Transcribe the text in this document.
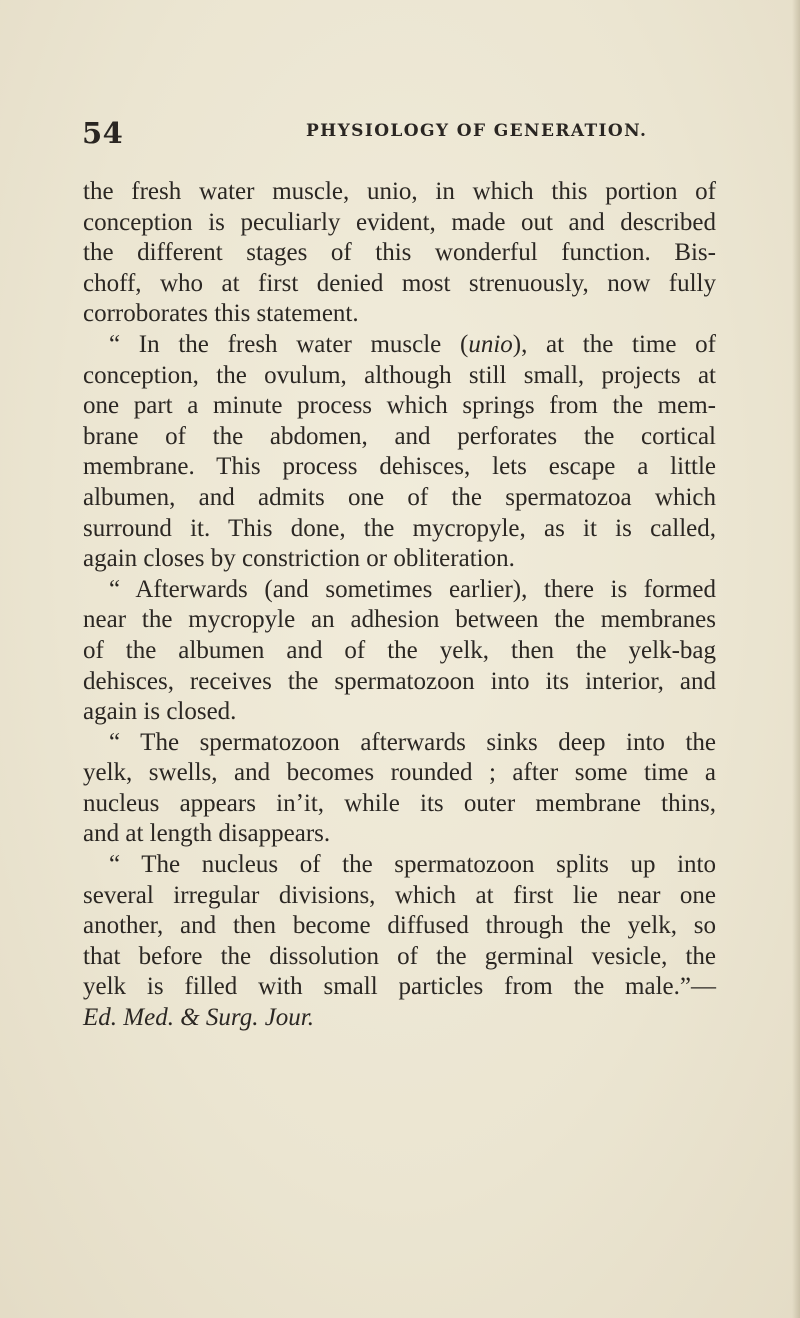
54	PHYSIOLOGY OF GENERATION.
the fresh water muscle, unio, in which this portion of
conception is peculiarly evident, made out and described
the different stages of this wonderful function. Bis-
choff, who at first denied most strenuously, now fully
corroborates this statement.
“ In the fresh water muscle (unio), at the time of
conception, the ovulum, although still small, projects at
one part a minute process which springs from the mem-
brane of the abdomen, and perforates the cortical
membrane. This process dehisces, lets escape a little
albumen, and admits one of the spermatozoa which
surround it. This done, the mycropyle, as it is called,
again closes by constriction or obliteration.
“ Afterwards (and sometimes earlier), there is formed
near the mycropyle an adhesion between the membranes
of the albumen and of the yelk, then the yelk-bag
dehisces, receives the spermatozoon into its interior, and
again is closed.
“ The spermatozoon afterwards sinks deep into the
yelk, swells, and becomes rounded ; after some time a
nucleus appears inʼit, while its outer membrane thins,
and at length disappears.
“ The nucleus of the spermatozoon splits up into
several irregular divisions, which at first lie near one
another, and then become diffused through the yelk, so
that before the dissolution of the germinal vesicle, the
yelk is filled with small particles from the male.”—
Ed. Med. & Surg. Jour.
